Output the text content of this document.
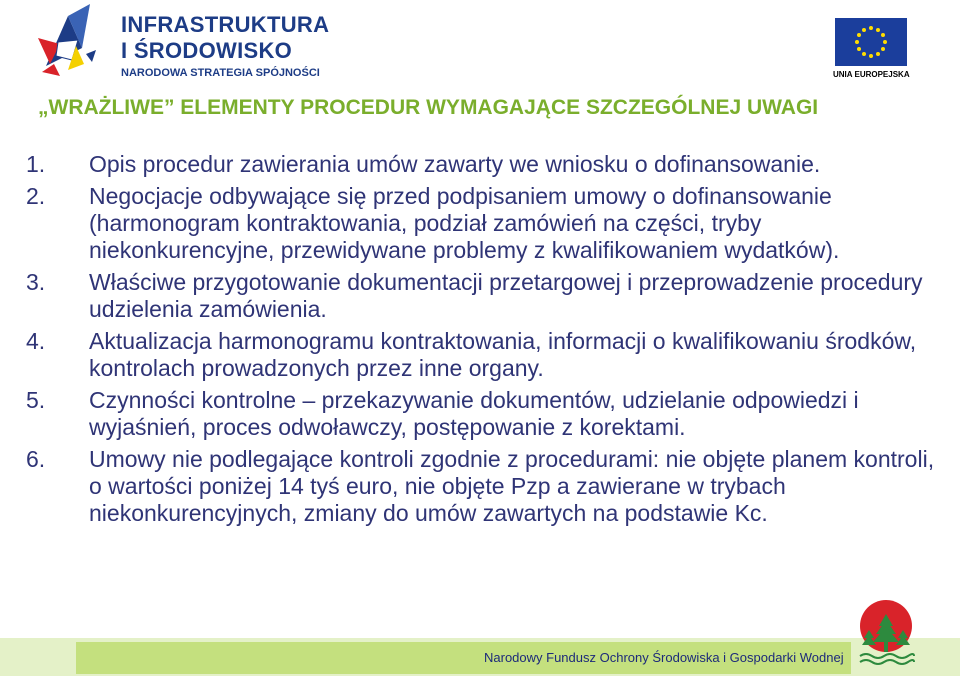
INFRASTRUKTURA
I ŚRODOWISKO
NARODOWA STRATEGIA SPÓJNOŚCI	UNIA EUROPEJSKA
„WRAŻLIWE” ELEMENTY PROCEDUR WYMAGAJĄCE SZCZEGÓLNEJ UWAGI
1. Opis procedur zawierania umów zawarty we wniosku o dofinansowanie.
2. Negocjacje odbywające się przed podpisaniem umowy o dofinansowanie (harmonogram kontraktowania, podział zamówień na części, tryby niekonkurencyjne, przewidywane problemy z kwalifikowaniem wydatków).
3. Właściwe przygotowanie dokumentacji przetargowej i przeprowadzenie procedury udzielenia zamówienia.
4. Aktualizacja harmonogramu kontraktowania, informacji o kwalifikowaniu środków, kontrolach prowadzonych przez inne organy.
5. Czynności kontrolne – przekazywanie dokumentów, udzielanie odpowiedzi i wyjaśnień, proces odwoławczy, postępowanie z korektami.
6. Umowy nie podlegające kontroli zgodnie z procedurami: nie objęte planem kontroli, o wartości poniżej 14 tyś euro, nie objęte Pzp a zawierane w trybach niekonkurencyjnych, zmiany do umów zawartych na podstawie Kc.
Narodowy Fundusz Ochrony Środowiska i Gospodarki Wodnej
